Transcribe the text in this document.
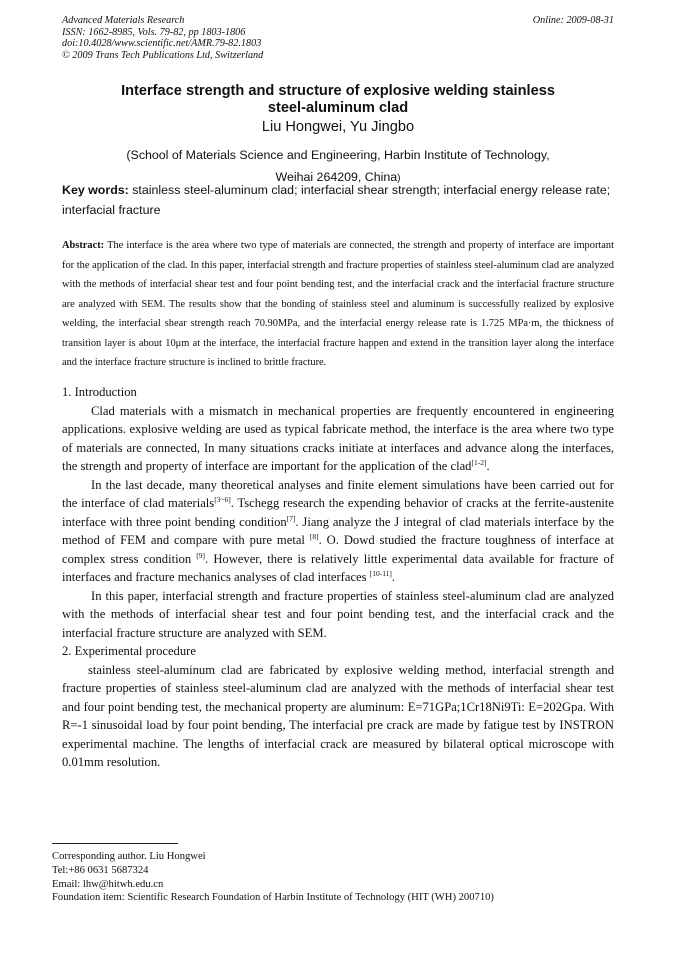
Advanced Materials Research
ISSN: 1662-8985, Vols. 79-82, pp 1803-1806
doi:10.4028/www.scientific.net/AMR.79-82.1803
© 2009 Trans Tech Publications Ltd, Switzerland
Online: 2009-08-31
Interface strength and structure of explosive welding stainless
steel-aluminum clad
Liu Hongwei, Yu Jingbo
(School of Materials Science and Engineering, Harbin Institute of Technology,
Weihai 264209, China)
Key words: stainless steel-aluminum clad; interfacial shear strength; interfacial energy release rate; interfacial fracture
Abstract: The interface is the area where two type of materials are connected, the strength and property of interface are important for the application of the clad. In this paper, interfacial strength and fracture properties of stainless steel-aluminum clad are analyzed with the methods of interfacial shear test and four point bending test, and the interfacial crack and the interfacial fracture structure are analyzed with SEM. The results show that the bonding of stainless steel and aluminum is successfully realized by explosive welding, the interfacial shear strength reach 70.90MPa, and the interfacial energy release rate is 1.725 MPa·m, the thickness of transition layer is about 10μm at the interface, the interfacial fracture happen and extend in the transition layer along the interface and the interface fracture structure is inclined to brittle fracture.
1. Introduction

Clad materials with a mismatch in mechanical properties are frequently encountered in engineering applications. explosive welding are used as typical fabricate method, the interface is the area where two type of materials are connected, In many situations cracks initiate at interfaces and advance along the interfaces, the strength and property of interface are important for the application of the clad[1-2].

In the last decade, many theoretical analyses and finite element simulations have been carried out for the interface of clad materials[3~6]. Tschegg research the expending behavior of cracks at the ferrite-austenite interface with three point bending condition[7]. Jiang analyze the J integral of clad materials interface by the method of FEM and compare with pure metal [8]. O. Dowd studied the fracture toughness of interface at complex stress condition [9]. However, there is relatively little experimental data available for fracture of interfaces and fracture mechanics analyses of clad interfaces [10-11].

In this paper, interfacial strength and fracture properties of stainless steel-aluminum clad are analyzed with the methods of interfacial shear test and four point bending test, and the interfacial crack and the interfacial fracture structure are analyzed with SEM.

2. Experimental procedure

stainless steel-aluminum clad are fabricated by explosive welding method, interfacial strength and fracture properties of stainless steel-aluminum clad are analyzed with the methods of interfacial shear test and four point bending test, the mechanical property are aluminum: E=71GPa;1Cr18Ni9Ti: E=202Gpa. With R=-1 sinusoidal load by four point bending, The interfacial pre crack are made by fatigue test by INSTRON experimental machine. The lengths of interfacial crack are measured by bilateral optical microscope with 0.01mm resolution.

Corresponding author. Liu Hongwei
Tel:+86 0631 5687324
Email: lhw@hitwh.edu.cn
Foundation item: Scientific Research Foundation of Harbin Institute of Technology (HIT (WH) 200710)
